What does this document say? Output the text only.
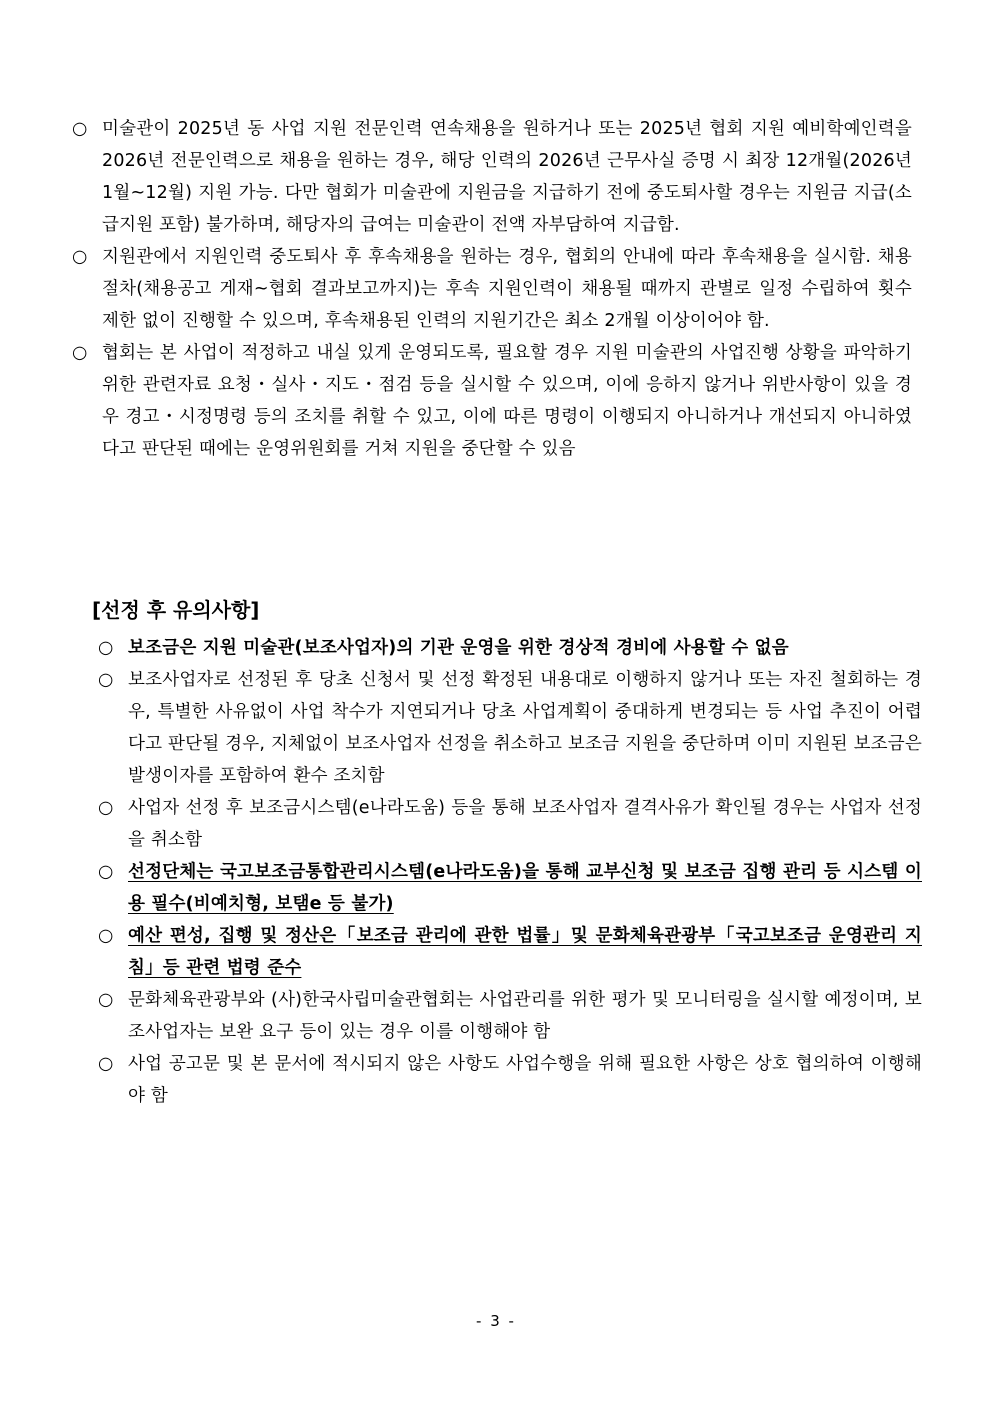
○ 미술관이 2025년 동 사업 지원 전문인력 연속채용을 원하거나 또는 2025년 협회 지원 예비학예인력을 2026년 전문인력으로 채용을 원하는 경우, 해당 인력의 2026년 근무사실 증명 시 최장 12개월(2026년 1월~12월) 지원 가능. 다만 협회가 미술관에 지원금을 지급하기 전에 중도퇴사할 경우는 지원금 지급(소급지원 포함) 불가하며, 해당자의 급여는 미술관이 전액 자부담하여 지급함.
○ 지원관에서 지원인력 중도퇴사 후 후속채용을 원하는 경우, 협회의 안내에 따라 후속채용을 실시함. 채용 절차(채용공고 게재~협회 결과보고까지)는 후속 지원인력이 채용될 때까지 관별로 일정 수립하여 횟수 제한 없이 진행할 수 있으며, 후속채용된 인력의 지원기간은 최소 2개월 이상이어야 함.
○ 협회는 본 사업이 적정하고 내실 있게 운영되도록, 필요할 경우 지원 미술관의 사업진행 상황을 파악하기 위한 관련자료 요청・실사・지도・점검 등을 실시할 수 있으며, 이에 응하지 않거나 위반사항이 있을 경우 경고・시정명령 등의 조치를 취할 수 있고, 이에 따른 명령이 이행되지 아니하거나 개선되지 아니하였다고 판단된 때에는 운영위원회를 거쳐 지원을 중단할 수 있음
[선정 후 유의사항]
○ 보조금은 지원 미술관(보조사업자)의 기관 운영을 위한 경상적 경비에 사용할 수 없음
○ 보조사업자로 선정된 후 당초 신청서 및 선정 확정된 내용대로 이행하지 않거나 또는 자진 철회하는 경우, 특별한 사유없이 사업 착수가 지연되거나 당초 사업계획이 중대하게 변경되는 등 사업 추진이 어렵다고 판단될 경우, 지체없이 보조사업자 선정을 취소하고 보조금 지원을 중단하며 이미 지원된 보조금은 발생이자를 포함하여 환수 조치함
○ 사업자 선정 후 보조금시스템(e나라도움) 등을 통해 보조사업자 결격사유가 확인될 경우는 사업자 선정을 취소함
○ 선정단체는 국고보조금통합관리시스템(e나라도움)을 통해 교부신청 및 보조금 집행 관리 등 시스템 이용 필수(비예치형, 보탬e 등 불가)
○ 예산 편성, 집행 및 정산은「보조금 관리에 관한 법률」및 문화체육관광부「국고보조금 운영관리 지침」등 관련 법령 준수
○ 문화체육관광부와 (사)한국사립미술관협회는 사업관리를 위한 평가 및 모니터링을 실시할 예정이며, 보조사업자는 보완 요구 등이 있는 경우 이를 이행해야 함
○ 사업 공고문 및 본 문서에 적시되지 않은 사항도 사업수행을 위해 필요한 사항은 상호 협의하여 이행해야 함
- 3 -
